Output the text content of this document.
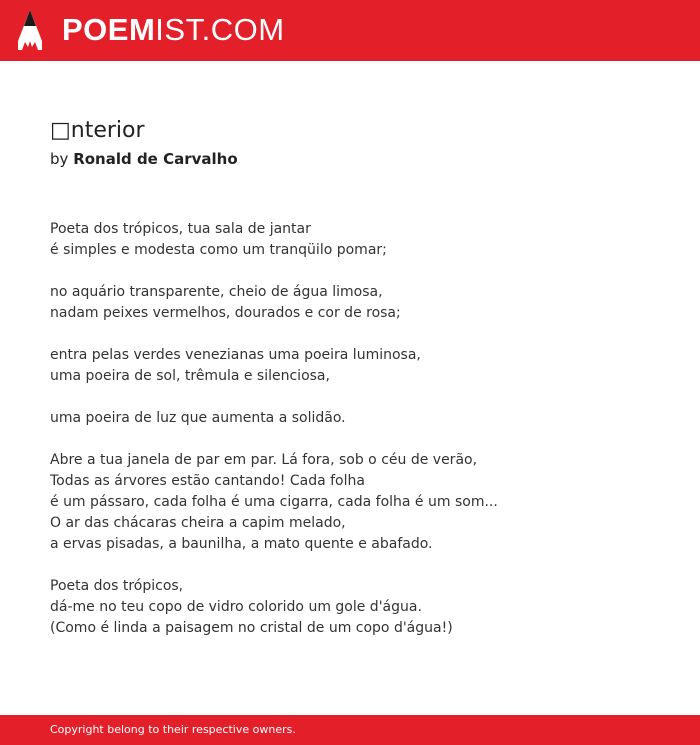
POEMIST.COM
□nterior
by Ronald de Carvalho
Poeta dos trópicos, tua sala de jantar
é simples e modesta como um tranqüilo pomar;
no aquário transparente, cheio de água limosa,
nadam peixes vermelhos, dourados e cor de rosa;
entra pelas verdes venezianas uma poeira luminosa,
uma poeira de sol, trêmula e silenciosa,
uma poeira de luz que aumenta a solidão.
Abre a tua janela de par em par. Lá fora, sob o céu de verão,
Todas as árvores estão cantando! Cada folha
é um pássaro, cada folha é uma cigarra, cada folha é um som...
O ar das chácaras cheira a capim melado,
a ervas pisadas, a baunilha, a mato quente e abafado.
Poeta dos trópicos,
dá-me no teu copo de vidro colorido um gole d'água.
(Como é linda a paisagem no cristal de um copo d'água!)
Copyright belong to their respective owners.
